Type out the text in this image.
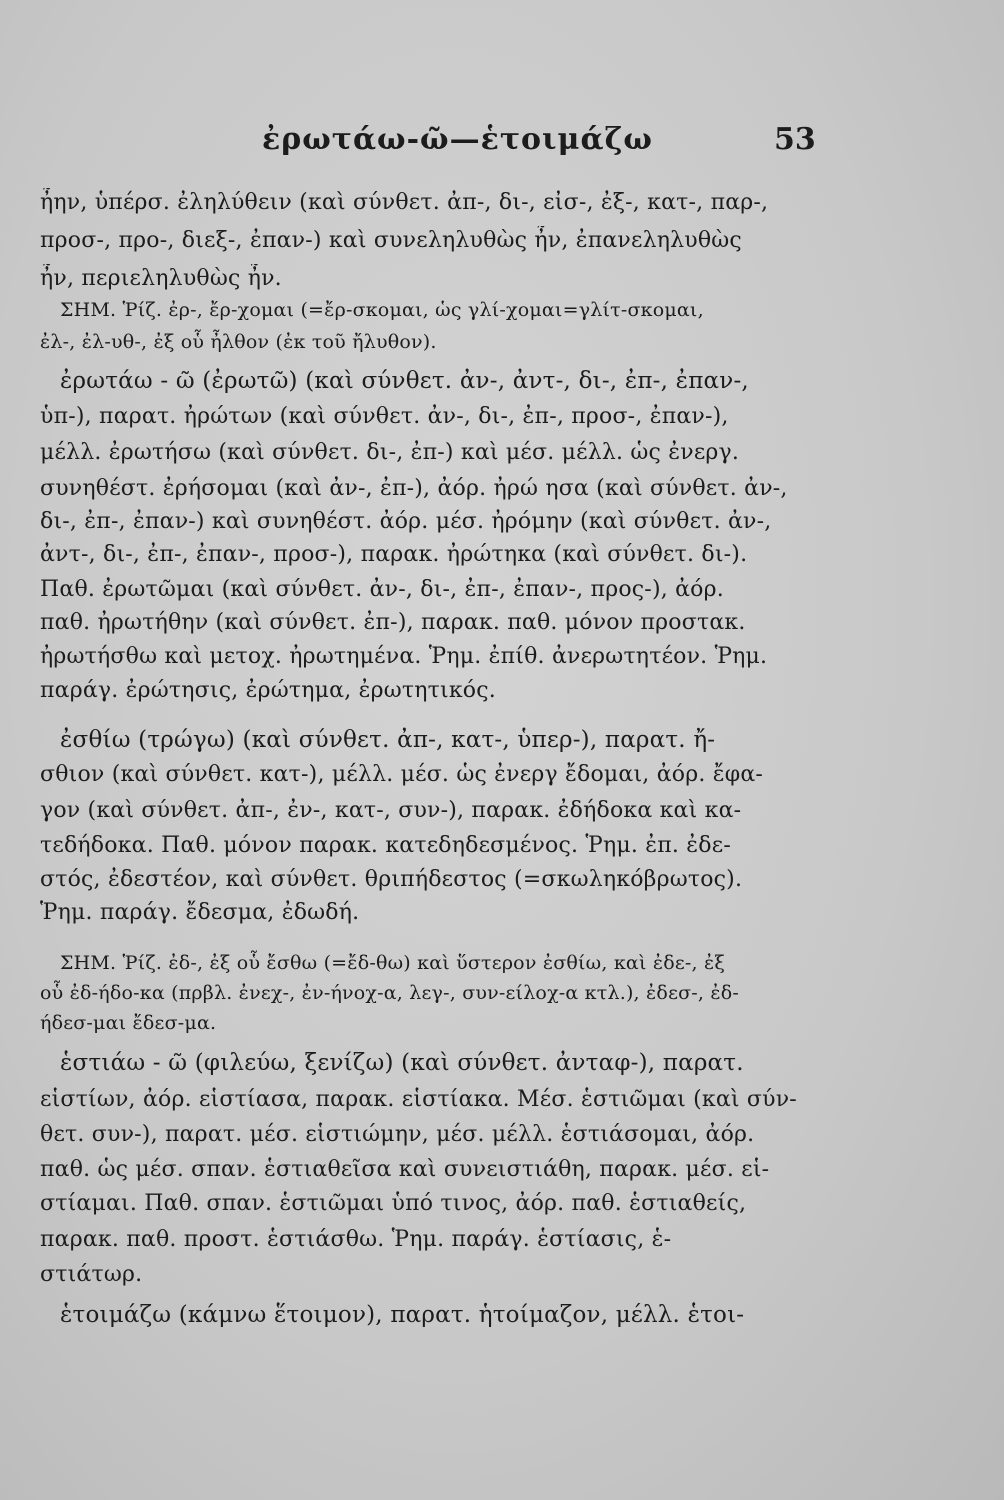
ἐρωτάω-ῶ—ἑτοιμάζω	53
ἦην, ὑπέρσ. ἐληλύθειν (καὶ σύνθετ. ἀπ-, δι-, εἰσ-, ἐξ-, κατ-, παρ-,
προσ-, προ-, διεξ-, ἐπαν-) καὶ συνεληλυθὼς ἦν, ἐπανεληλυθὼς
ἦν, περιεληλυθὼς ἦν.
ΣΗΜ. Ῥίζ. ἐρ-, ἔρ-χομαι (=ἔρ-σκομαι, ὡς γλί-χομαι=γλίτ-σκομαι,
ἐλ-, ἐλ-υθ-, ἐξ οὗ ἦλθον (ἐκ τοῦ ἤλυθον).
ἐρωτάω - ῶ (ἐρωτῶ) (καὶ σύνθετ. ἀν-, ἀντ-, δι-, ἐπ-, ἐπαν-,
ὑπ-), παρατ. ἠρώτων (καὶ σύνθετ. ἀν-, δι-, ἐπ-, προσ-, ἐπαν-),
μέλλ. ἐρωτήσω (καὶ σύνθετ. δι-, ἐπ-) καὶ μέσ. μέλλ. ὡς ἐνεργ.
συνηθέστ. ἐρήσομαι (καὶ ἀν-, ἐπ-), ἀόρ. ἠρώ ησα (καὶ σύνθετ. ἀν-,
δι-, ἐπ-, ἐπαν-) καὶ συνηθέστ. ἀόρ. μέσ. ἠρόμην (καὶ σύνθετ. ἀν-,
ἀντ-, δι-, ἐπ-, ἐπαν-, προσ-), παρακ. ἠρώτηκα (καὶ σύνθετ. δι-).
Παθ. ἐρωτῶμαι (καὶ σύνθετ. ἀν-, δι-, ἐπ-, ἐπαν-, προς-), ἀόρ.
παθ. ἠρωτήθην (καὶ σύνθετ. ἐπ-), παρακ. παθ. μόνον προστακ.
ἠρωτήσθω καὶ μετοχ. ἠρωτημένα. Ῥημ. ἐπίθ. ἀνερωτητέον. Ῥημ.
παράγ. ἐρώτησις, ἐρώτημα, ἐρωτητικός.
ἐσθίω (τρώγω) (καὶ σύνθετ. ἀπ-, κατ-, ὑπερ-), παρατ. ἤ-
σθιον (καὶ σύνθετ. κατ-), μέλλ. μέσ. ὡς ἐνεργ ἔδομαι, ἀόρ. ἔφα-
γον (καὶ σύνθετ. ἀπ-, ἐν-, κατ-, συν-), παρακ. ἐδήδοκα καὶ κα-
τεδήδοκα. Παθ. μόνον παρακ. κατεδηδεσμένος. Ῥημ. ἐπ. ἐδε-
στός, ἐδεστέον, καὶ σύνθετ. θριπήδεστος (=σκωληκόβρωτος).
Ῥημ. παράγ. ἔδεσμα, ἐδωδή.
ΣΗΜ. Ῥίζ. ἐδ-, ἐξ οὗ ἔσθω (=ἔδ-θω) καὶ ὕστερον ἐσθίω, καὶ ἐδε-, ἐξ
οὗ ἐδ-ήδο-κα (πρβλ. ἐνεχ-, ἐν-ήνοχ-α, λεγ-, συν-είλοχ-α κτλ.), ἐδεσ-, ἐδ-
ήδεσ-μαι ἔδεσ-μα.
ἑστιάω - ῶ (φιλεύω, ξενίζω) (καὶ σύνθετ. ἀνταφ-), παρατ.
εἱστίων, ἀόρ. εἱστίασα, παρακ. εἱστίακα. Μέσ. ἑστιῶμαι (καὶ σύν-
θετ. συν-), παρατ. μέσ. εἱστιώμην, μέσ. μέλλ. ἑστιάσομαι, ἀόρ.
παθ. ὡς μέσ. σπαν. ἑστιαθεῖσα καὶ συνειστιάθη, παρακ. μέσ. εἱ-
στίαμαι. Παθ. σπαν. ἑστιῶμαι ὑπό τινος, ἀόρ. παθ. ἑστιαθείς,
παρακ. παθ. προστ. ἑστιάσθω. Ῥημ. παράγ. ἑστίασις, ἑ-
στιάτωρ.
ἑτοιμάζω (κάμνω ἕτοιμον), παρατ. ἡτοίμαζον, μέλλ. ἑτοι-
